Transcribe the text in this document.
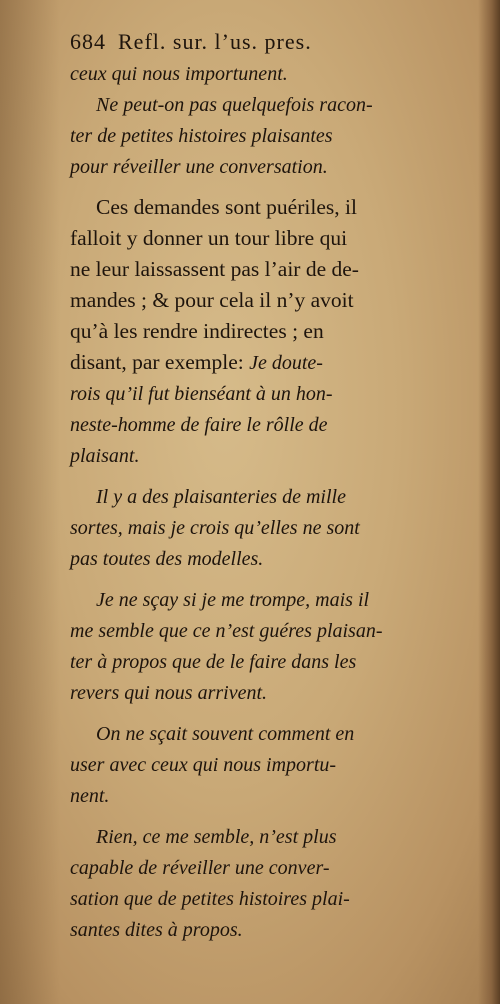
684 Refl. sur. l’us. pres.
ceux qui nous importunent.
Ne peut-on pas quelquefois racon-
ter de petites histoires plaisantes
pour réveiller une conversation.
Ces demandes sont puériles, il
falloit y donner un tour libre qui
ne leur laissassent pas l’air de de-
mandes ; & pour cela il n’y avoit
qu’à les rendre indirectes ; en
disant, par exemple: Je doute-
rois qu’il fut bienséant à un hon-
neste-homme de faire le rôlle de
plaisant.
Il y a des plaisanteries de mille
sortes, mais je crois qu’elles ne sont
pas toutes des modelles.
Je ne sçay si je me trompe, mais il
me semble que ce n’est guéres plaisan-
ter à propos que de le faire dans les
revers qui nous arrivent.
On ne sçait souvent comment en
user avec ceux qui nous importu-
nent.
Rien, ce me semble, n’est plus
capable de réveiller une conver-
sation que de petites histoires plai-
santes dites à propos.
